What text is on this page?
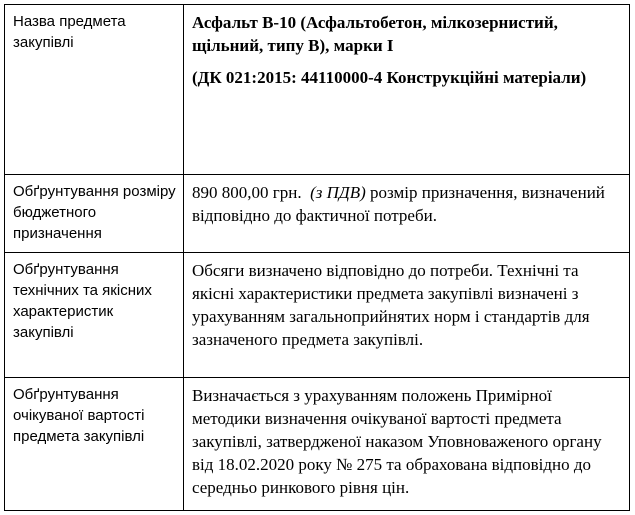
Назва предмета закупівлі	Асфальт В-10 (Асфальтобетон, мілкозернистий, щільний, типу В), марки І
(ДК 021:2015: 44110000-4 Конструкційні матеріали)

Обґрунтування розміру бюджетного призначення	890 800,00 грн. (з ПДВ) розмір призначення, визначений відповідно до фактичної потреби.
Обґрунтування технічних та якісних характеристик закупівлі	Обсяги визначено відповідно до потреби. Технічні та якісні характеристики предмета закупівлі визначені з урахуванням загальноприйнятих норм і стандартів для зазначеного предмета закупівлі.
Обґрунтування очікуваної вартості предмета закупівлі	Визначається з урахуванням положень Примірної методики визначення очікуваної вартості предмета закупівлі, затвердженої наказом Уповноваженого органу від 18.02.2020 року № 275 та обрахована відповідно до середньо ринкового рівня цін.
